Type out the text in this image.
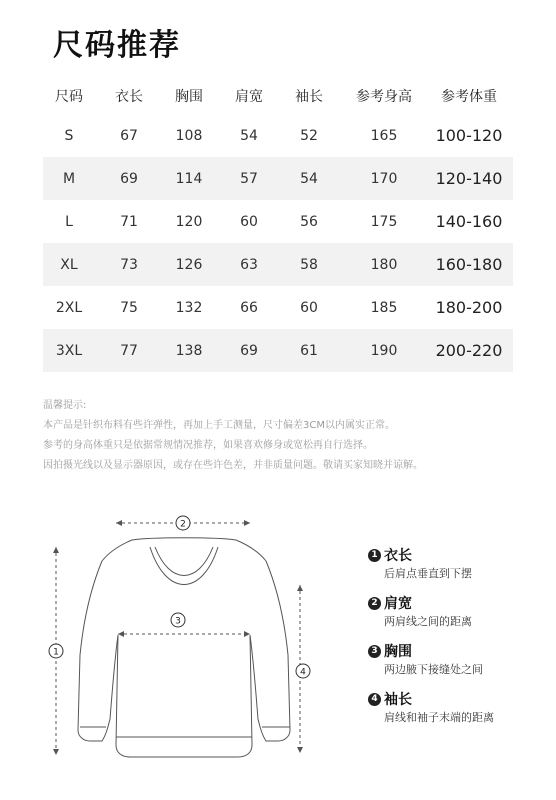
尺码推荐
尺码	衣长	胸围	肩宽	袖长	参考身高	参考体重
S	67	108	54	52	165	100-120
M	69	114	57	54	170	120-140
L	71	120	60	56	175	140-160
XL	73	126	63	58	180	160-180
2XL	75	132	66	60	185	180-200
3XL	77	138	69	61	190	200-220
温馨提示:
本产品是针织布料有些许弹性，再加上手工测量，尺寸偏差3CM以内属实正常。
参考的身高体重只是依据常规情况推荐，如果喜欢修身或宽松再自行选择。
因拍摄光线以及显示器原因，或存在些许色差，并非质量问题。敬请买家知晓并谅解。
1
2
3
4
1 衣长
后肩点垂直到下摆
2 肩宽
两肩线之间的距离
3 胸围
两边腋下接缝处之间
4 袖长
肩线和袖子末端的距离
